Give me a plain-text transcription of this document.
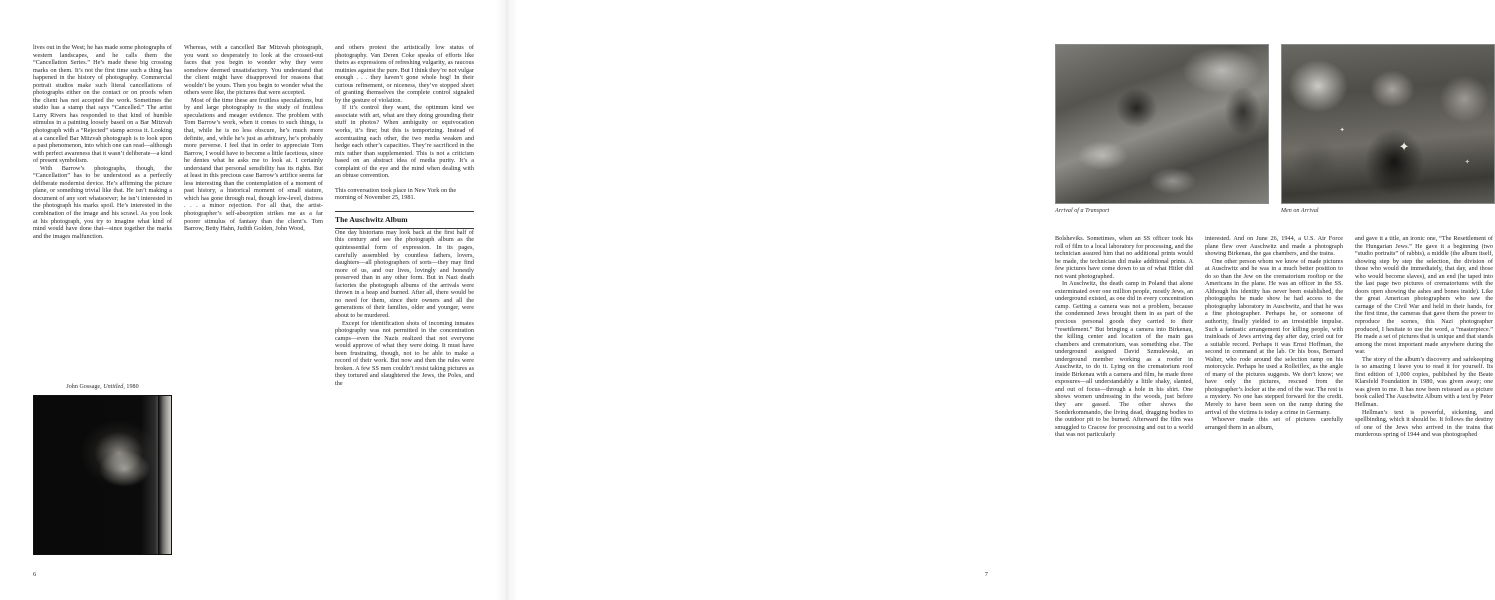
lives out in the West; he has made some photographs of western landscapes, and he calls them the “Cancellation Series.” He’s made these big crossing marks on them. It’s not the first time such a thing has happened in the history of photography. Commercial portrait studios make such literal cancellations of photographs either on the contact or on proofs when the client has not accepted the work. Sometimes the studio has a stamp that says “Cancelled.” The artist Larry Rivers has responded to that kind of humble stimulus in a painting loosely based on a Bar Mitzvah photograph with a “Rejected” stamp across it. Looking at a cancelled Bar Mitzvah photograph is to look upon a past phenomenon, into which one can read—although with perfect awareness that it wasn’t deliberate—a kind of present symbolism.

With Barrow’s photographs, though, the “Cancellation” has to be understood as a perfectly deliberate modernist device. He’s affirming the picture plane, or something trivial like that. He isn’t making a document of any sort whatsoever; he isn’t interested in the photograph his marks spoil. He’s interested in the combination of the image and his scrawl. As you look at his photograph, you try to imagine what kind of mind would have done that—since together the marks and the images malfunction.

Whereas, with a cancelled Bar Mitzvah photograph, you want so desperately to look at the crossed-out faces that you begin to wonder why they were somehow deemed unsatisfactory. You understand that the client might have disapproved for reasons that wouldn’t be yours. Then you begin to wonder what the others were like, the pictures that were accepted.

Most of the time these are fruitless speculations, but by and large photography is the study of fruitless speculations and meager evidence. The problem with Tom Barrow’s work, when it comes to such things, is that, while he is no less obscure, he’s much more definite, and, while he’s just as arbitrary, he’s probably more perverse. I feel that in order to appreciate Tom Barrow, I would have to become a little facetious, since he denies what he asks me to look at. I certainly understand that personal sensibility has its rights. But at least in this precious case Barrow’s artifice seems far less interesting than the contemplation of a moment of past history, a historical moment of small stature, which has gone through real, though low-level, distress . . . a minor rejection. For all that, the artist-photographer’s self-absorption strikes me as a far poorer stimulus of fantasy than the client’s. Tom Barrow, Betty Hahn, Judith Golden, John Wood,

and others protest the artistically low status of photography. Van Deren Coke speaks of efforts like theirs as expressions of refreshing vulgarity, as raucous mutinies against the pure. But I think they’re not vulgar enough . . . they haven’t gone whole hog! In their curious refinement, or niceness, they’ve stopped short of granting themselves the complete control signaled by the gesture of violation.

If it’s control they want, the optimum kind we associate with art, what are they doing grounding their stuff in photos? When ambiguity or equivocation works, it’s fine; but this is temporizing. Instead of accentuating each other, the two media weaken and hedge each other’s capacities. They’re sacrificed in the mix rather than supplemented. This is not a criticism based on an abstract idea of media purity. It’s a complaint of the eye and the mind when dealing with an obtuse convention.

This conversation took place in New York on the morning of November 25, 1981.

The Auschwitz Album

One day historians may look back at the first half of this century and see the photograph album as the quintessential form of expression. In its pages, carefully assembled by countless fathers, lovers, daughters—all photographers of sorts—they may find more of us, and our lives, lovingly and honestly preserved than in any other form. But in Nazi death factories the photograph albums of the arrivals were thrown in a heap and burned. After all, there would be no need for them, since their owners and all the generations of their families, older and younger, were about to be murdered.

Except for identification shots of incoming inmates photography was not permitted in the concentration camps—even the Nazis realized that not everyone would approve of what they were doing. It must have been frustrating, though, not to be able to make a record of their work. But now and then the rules were broken. A few SS men couldn’t resist taking pictures as they tortured and slaughtered the Jews, the Poles, and the

John Gossage, Untitled, 1980
6
Arrival of a Transport
✦
✦
✦
Men on Arrival

Bolsheviks. Sometimes, when an SS officer took his roll of film to a local laboratory for processing, and the technician assured him that no additional prints would be made, the technician did make additional prints. A few pictures have come down to us of what Hitler did not want photographed.

In Auschwitz, the death camp in Poland that alone exterminated over one million people, mostly Jews, an underground existed, as one did in every concentration camp. Getting a camera was not a problem, because the condemned Jews brought them in as part of the precious personal goods they carried to their “resettlement.” But bringing a camera into Birkenau, the killing center and location of the main gas chambers and crematorium, was something else. The underground assigned David Szmulewski, an underground member working as a roofer in Auschwitz, to do it. Lying on the crematorium roof inside Birkenau with a camera and film, he made three exposures—all understandably a little shaky, slanted, and out of focus—through a hole in his shirt. One shows women undressing in the woods, just before they are gassed. The other shows the Sonderkommando, the living dead, dragging bodies to the outdoor pit to be burned. Afterward the film was smuggled to Cracow for processing and out to a world that was not particularly

interested. And on June 26, 1944, a U.S. Air Force plane flew over Auschwitz and made a photograph showing Birkenau, the gas chambers, and the trains.

One other person whom we know of made pictures at Auschwitz and he was in a much better position to do so than the Jew on the crematorium rooftop or the Americans in the plane. He was an officer in the SS. Although his identity has never been established, the photographs he made show he had access to the photography laboratory in Auschwitz, and that he was a fine photographer. Perhaps he, or someone of authority, finally yielded to an irresistible impulse. Such a fantastic arrangement for killing people, with trainloads of Jews arriving day after day, cried out for a suitable record. Perhaps it was Ernst Hoffman, the second in command at the lab. Or his boss, Bernard Walter, who rode around the selection ramp on his motorcycle. Perhaps he used a Rolleiflex, as the angle of many of the pictures suggests. We don’t know; we have only the pictures, rescued from the photographer’s locker at the end of the war. The rest is a mystery. No one has stepped forward for the credit. Merely to have been seen on the ramp during the arrival of the victims is today a crime in Germany.

Whoever made this set of pictures carefully arranged them in an album,

and gave it a title, an ironic one, “The Resettlement of the Hungarian Jews.” He gave it a beginning (two “studio portraits” of rabbis), a middle (the album itself, showing step by step the selection, the division of those who would die immediately, that day, and those who would become slaves), and an end (he taped into the last page two pictures of crematoriums with the doors open showing the ashes and bones inside). Like the great American photographers who saw the carnage of the Civil War and held in their hands, for the first time, the cameras that gave them the power to reproduce the scenes, this Nazi photographer produced, I hesitate to use the word, a “masterpiece.” He made a set of pictures that is unique and that stands among the most important made anywhere during the war.

The story of the album’s discovery and safekeeping is so amazing I leave you to read it for yourself. Its first edition of 1,000 copies, published by the Beate Klarsfeld Foundation in 1980, was given away; one was given to me. It has now been reissued as a picture book called The Auschwitz Album with a text by Peter Hellman.

Hellman’s text is powerful, sickening, and spellbinding, which it should be. It follows the destiny of one of the Jews who arrived in the trains that murderous spring of 1944 and was photographed

7
